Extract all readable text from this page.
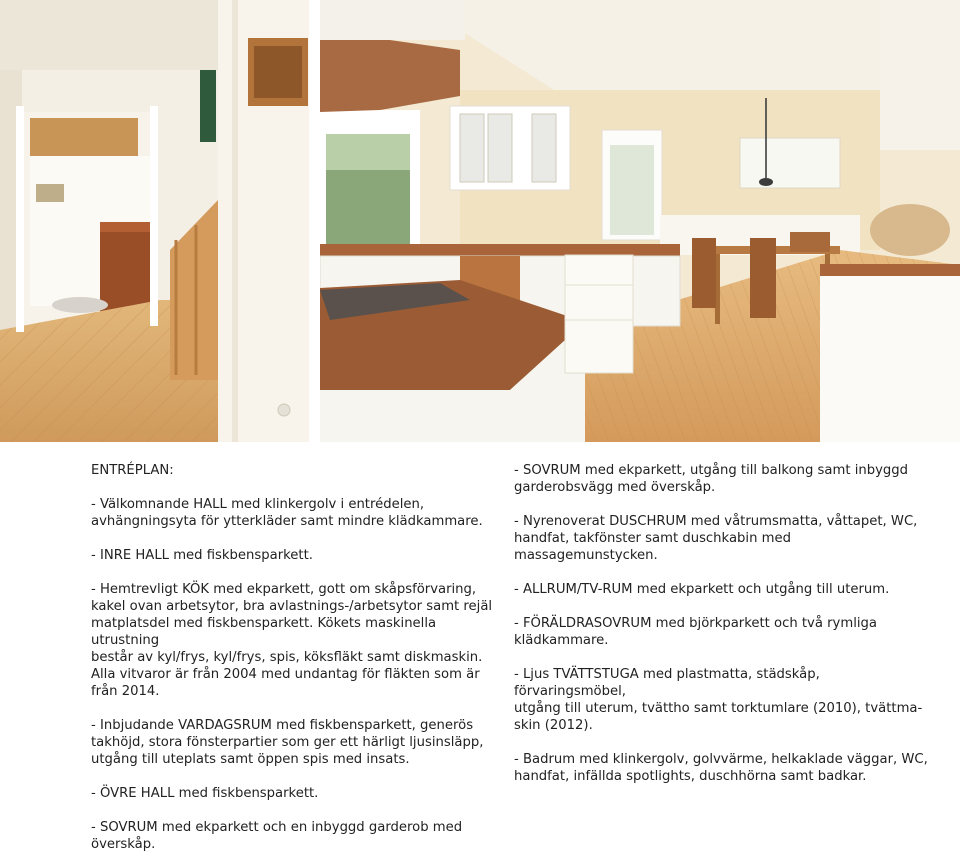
ENTRÉPLAN:

- Välkomnande HALL med klinkergolv i entrédelen,
avhängningsyta för ytterkläder samt mindre klädkammare.

- INRE HALL med fiskbensparkett.

- Hemtrevligt KÖK med ekparkett, gott om skåpsförvaring,
kakel ovan arbetsytor, bra avlastnings-/arbetsytor samt rejäl
matplatsdel med fiskbensparkett. Kökets maskinella utrustning
består av kyl/frys, kyl/frys, spis, köksfläkt samt diskmaskin.
Alla vitvaror är från 2004 med undantag för fläkten som är
från 2014.

- Inbjudande VARDAGSRUM med fiskbensparkett, generös
takhöjd, stora fönsterpartier som ger ett härligt ljusinsläpp,
utgång till uteplats samt öppen spis med insats.

- ÖVRE HALL med fiskbensparkett.

- SOVRUM med ekparkett och en inbyggd garderob med
överskåp.

- SOVRUM med ekparkett, utgång till balkong samt inbyggd
garderobsvägg med överskåp.

- Nyrenoverat DUSCHRUM med våtrumsmatta, våttapet, WC,
handfat, takfönster samt duschkabin med massagemunstycken.

- ALLRUM/TV-RUM med ekparkett och utgång till uterum.

- FÖRÄLDRASOVRUM med björkparkett och två rymliga
klädkammare.

- Ljus TVÄTTSTUGA med plastmatta, städskåp, förvaringsmöbel,
utgång till uterum, tvättho samt torktumlare (2010), tvättma-
skin (2012).

- Badrum med klinkergolv, golvvärme, helkaklade väggar, WC,
handfat, infällda spotlights, duschhörna samt badkar.
